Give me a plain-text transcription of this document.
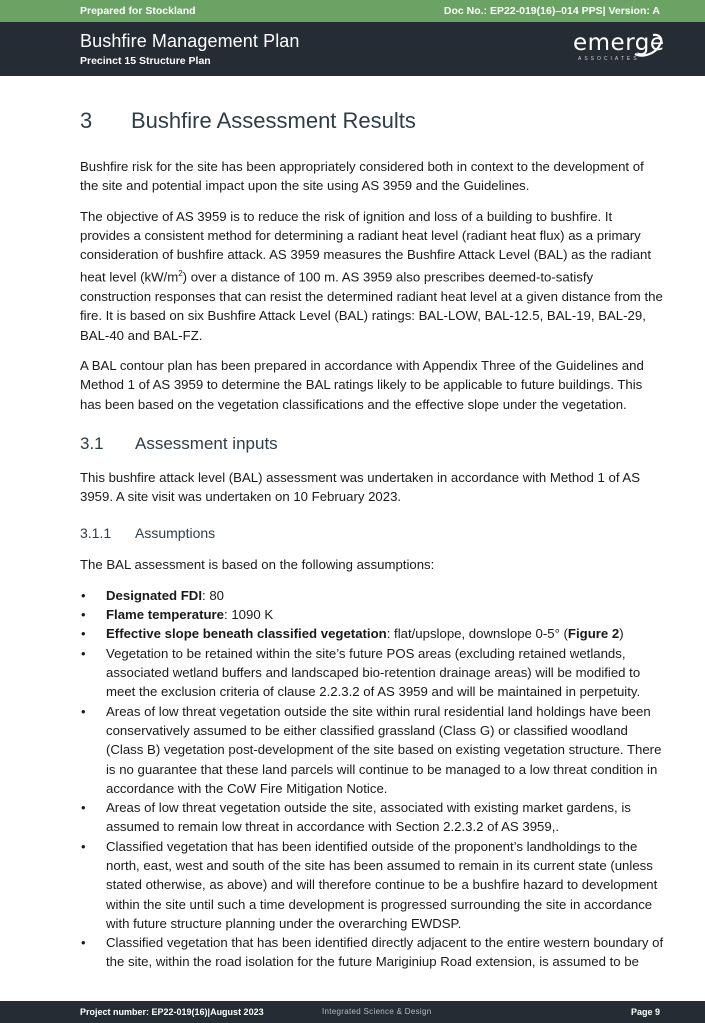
Prepared for Stockland	Doc No.: EP22-019(16)–014 PPS| Version: A
Bushfire Management Plan
Precinct 15 Structure Plan
emerge
ASSOCIATES
3	Bushfire Assessment Results

Bushfire risk for the site has been appropriately considered both in context to the development of the site and potential impact upon the site using AS 3959 and the Guidelines.

The objective of AS 3959 is to reduce the risk of ignition and loss of a building to bushfire. It provides a consistent method for determining a radiant heat level (radiant heat flux) as a primary consideration of bushfire attack. AS 3959 measures the Bushfire Attack Level (BAL) as the radiant heat level $(kW/m^2)$ over a distance of 100 m. AS 3959 also prescribes deemed-to-satisfy construction responses that can resist the determined radiant heat level at a given distance from the fire. It is based on six Bushfire Attack Level (BAL) ratings: BAL-LOW, BAL-12.5, BAL-19, BAL-29, BAL-40 and BAL-FZ.

A BAL contour plan has been prepared in accordance with Appendix Three of the Guidelines and Method 1 of AS 3959 to determine the BAL ratings likely to be applicable to future buildings. This has been based on the vegetation classifications and the effective slope under the vegetation.

3.1	Assessment inputs

This bushfire attack level (BAL) assessment was undertaken in accordance with Method 1 of AS 3959. A site visit was undertaken on 10 February 2023.

3.1.1	Assumptions

The BAL assessment is based on the following assumptions:

• Designated FDI: 80
• Flame temperature: 1090 K
• Effective slope beneath classified vegetation: flat/upslope, downslope 0-5° (Figure 2)
• Vegetation to be retained within the site’s future POS areas (excluding retained wetlands, associated wetland buffers and landscaped bio-retention drainage areas) will be modified to meet the exclusion criteria of clause 2.2.3.2 of AS 3959 and will be maintained in perpetuity.
• Areas of low threat vegetation outside the site within rural residential land holdings have been conservatively assumed to be either classified grassland (Class G) or classified woodland (Class B) vegetation post-development of the site based on existing vegetation structure. There is no guarantee that these land parcels will continue to be managed to a low threat condition in accordance with the CoW Fire Mitigation Notice.
• Areas of low threat vegetation outside the site, associated with existing market gardens, is assumed to remain low threat in accordance with Section 2.2.3.2 of AS 3959,.
• Classified vegetation that has been identified outside of the proponent’s landholdings to the north, east, west and south of the site has been assumed to remain in its current state (unless stated otherwise, as above) and will therefore continue to be a bushfire hazard to development within the site until such a time development is progressed surrounding the site in accordance with future structure planning under the overarching EWDSP.
• Classified vegetation that has been identified directly adjacent to the entire western boundary of the site, within the road isolation for the future Mariginiup Road extension, is assumed to be
Project number: EP22-019(16)|August 2023	Integrated Science & Design	Page 9
